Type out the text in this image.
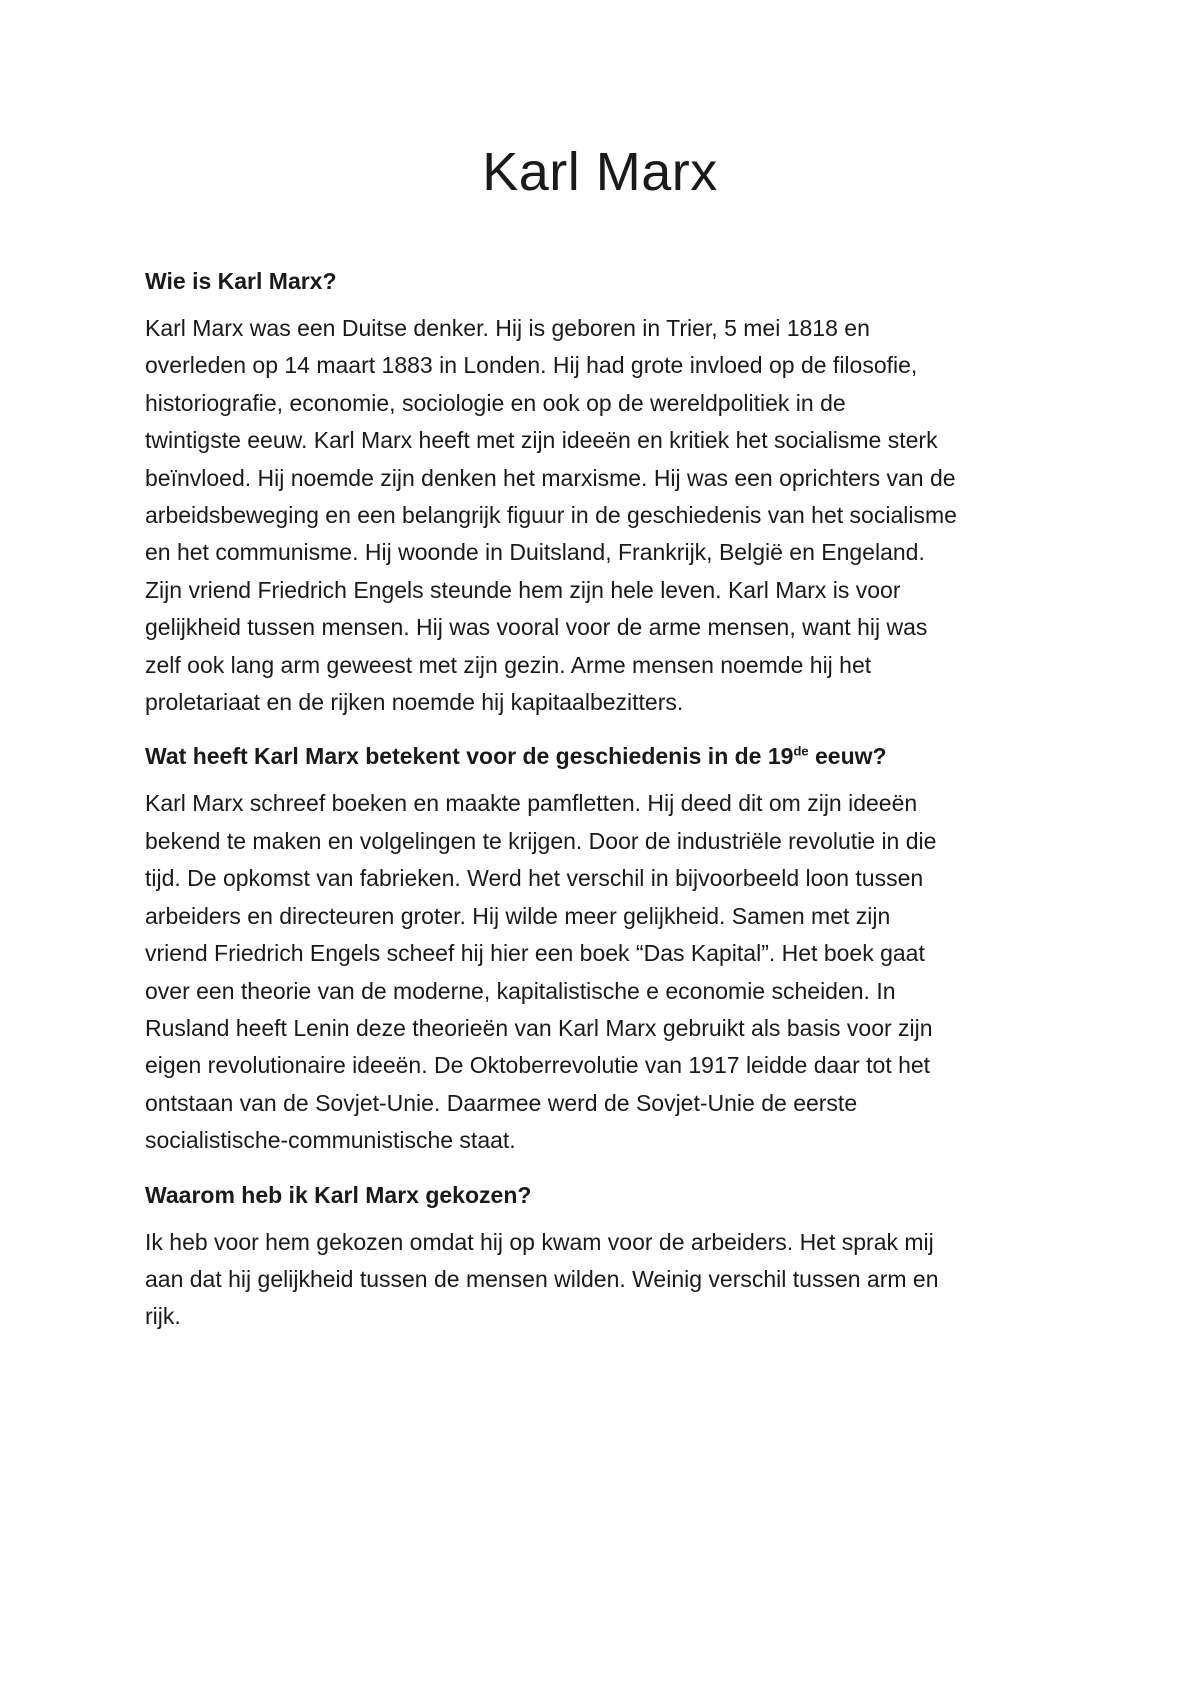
Karl Marx

Wie is Karl Marx?

Karl Marx was een Duitse denker. Hij is geboren in Trier, 5 mei 1818 en
overleden op 14 maart 1883 in Londen. Hij had grote invloed op de filosofie,
historiografie, economie, sociologie en ook op de wereldpolitiek in de
twintigste eeuw. Karl Marx heeft met zijn ideeën en kritiek het socialisme sterk
beïnvloed. Hij noemde zijn denken het marxisme. Hij was een oprichters van de
arbeidsbeweging en een belangrijk figuur in de geschiedenis van het socialisme
en het communisme. Hij woonde in Duitsland, Frankrijk, België en Engeland.
Zijn vriend Friedrich Engels steunde hem zijn hele leven. Karl Marx is voor
gelijkheid tussen mensen. Hij was vooral voor de arme mensen, want hij was
zelf ook lang arm geweest met zijn gezin. Arme mensen noemde hij het
proletariaat en de rijken noemde hij kapitaalbezitters.

Wat heeft Karl Marx betekent voor de geschiedenis in de 19de eeuw?

Karl Marx schreef boeken en maakte pamfletten. Hij deed dit om zijn ideeën
bekend te maken en volgelingen te krijgen. Door de industriële revolutie in die
tijd. De opkomst van fabrieken. Werd het verschil in bijvoorbeeld loon tussen
arbeiders en directeuren groter. Hij wilde meer gelijkheid. Samen met zijn
vriend Friedrich Engels scheef hij hier een boek “Das Kapital”. Het boek gaat
over een theorie van de moderne, kapitalistische e economie scheiden. In
Rusland heeft Lenin deze theorieën van Karl Marx gebruikt als basis voor zijn
eigen revolutionaire ideeën. De Oktoberrevolutie van 1917 leidde daar tot het
ontstaan van de Sovjet-Unie. Daarmee werd de Sovjet-Unie de eerste
socialistische-communistische staat.

Waarom heb ik Karl Marx gekozen?

Ik heb voor hem gekozen omdat hij op kwam voor de arbeiders. Het sprak mij
aan dat hij gelijkheid tussen de mensen wilden. Weinig verschil tussen arm en
rijk.
